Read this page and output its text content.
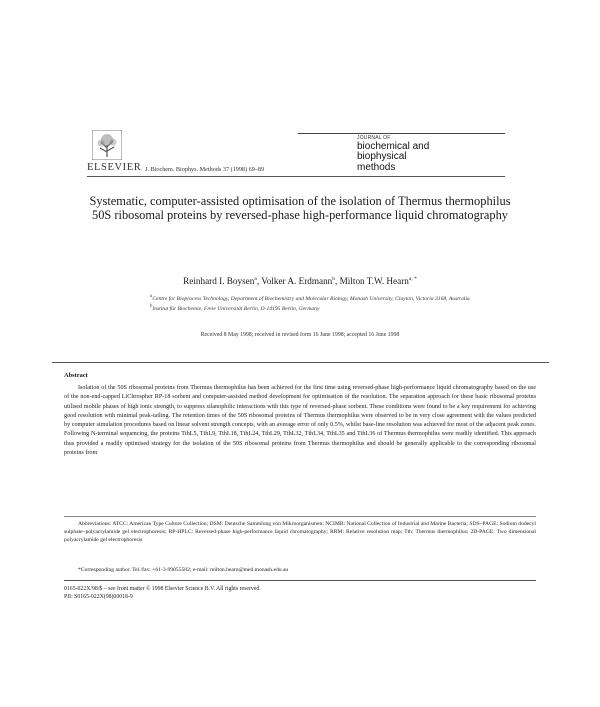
ELSEVIER J. Biochem. Biophys. Methods 37 (1998) 69–89
JOURNAL OF
biochemical and
biophysical
methods
Systematic, computer-assisted optimisation of the isolation of Thermus thermophilus 50S ribosomal proteins by reversed-phase high-performance liquid chromatography
Reinhard I. Boysen$^a$, Volker A. Erdmann$^b$, Milton T.W. Hearn$^{a, *}$
$^a$Centre for Bioprocess Technology, Department of Biochemistry and Molecular Biology, Monash University, Clayton, Victoria 3168, Australia
$^b$Institut für Biochemie, Freie Universität Berlin, D-14195 Berlin, Germany
Received 8 May 1998; received in revised form 16 June 1998; accepted 16 June 1998
Abstract

Isolation of the 50S ribosomal proteins from Thermus thermophilus has been achieved for the first time using reversed-phase high-performance liquid chromatography based on the use of the non-end-capped LiChrospher RP-18 sorbent and computer-assisted method development for optimisation of the resolution. The separation approach for these basic ribosomal proteins utilised mobile phases of high ionic strength, to suppress silanophilic interactions with this type of reversed-phase sorbent. These conditions were found to be a key requirement for achieving good resolution with minimal peak-tailing. The retention times of the 50S ribosomal proteins of Thermus thermophilus were observed to be in very close agreement with the values predicted by computer simulation procedures based on linear solvent strength concepts, with an average error of only 0.5%, whilst base-line resolution was achieved for most of the adjacent peak zones. Following N-terminal sequencing, the proteins TthL5, TthL9, TthL18, TthL24, TthL29, TthL32, TthL34, TthL35 and TthL36 of Thermus thermophilus were readily identified. This approach thus provided a readily optimised strategy for the isolation of the 50S ribosomal proteins from Thermus thermophilus and should be generally applicable to the corresponding ribosomal proteins from

Abbreviations: ATCC: American Type Culture Collection; DSM: Deutsche Sammlung von Mikroorganismen; NCIMB: National Collection of Industrial and Marine Bacteria; SDS–PAGE: Sodium dodecyl sulphate–polyacrylamide gel electrophoresis; RP-HPLC: Reversed-phase high-performance liquid chromatography; RRM: Relative resolution map; Tth: Thermus thermophilus; 2D-PAGE: Two dimensional polyacrylamide gel electrophoresis

*Corresponding author. Tel./fax: +61-3-99055582; e-mail: milton.hearn@med.monash.edu.au
0165-022X/98/$ – see front matter © 1998 Elsevier Science B.V. All rights reserved.
PII: S0165-022X(98)00018-9
